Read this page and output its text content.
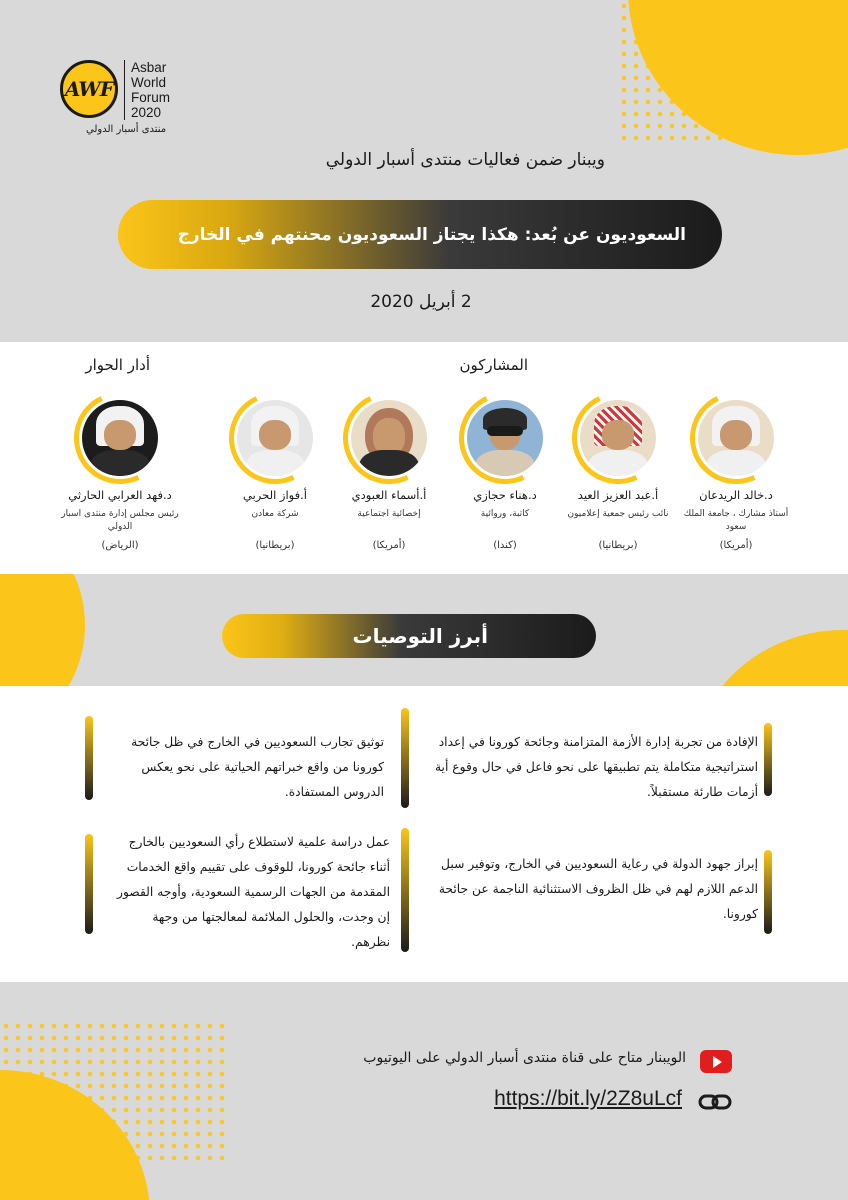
AWF
Asbar
World
Forum
2020
منتدى أسبار الدولي
ويبنار ضمن فعاليات منتدى أسبار الدولي
السعوديون عن بُعد: هكذا يجتاز السعوديون محنتهم في الخارج
2 أبريل 2020
المشاركون
أدار الحوار
د.خالد الريدعان
أستاذ مشارك ، جامعة الملك سعود
(أمريكا)
أ.عبد العزيز العيد
نائب رئيس جمعية إعلاميون
(بريطانيا)
د.هناء حجازي
كاتبة، وروائية
(كندا)
أ.أسماء العبودي
إخصائية اجتماعية
(أمريكا)
أ.فواز الحربي
شركة معادن
(بريطانيا)
د.فهد العرابي الحارثي
رئيس مجلس إدارة منتدى اسبار الدولي
(الرياض)
أبرز التوصيات
الإفادة من تجربة إدارة الأزمة المتزامنة وجائحة كورونا في إعداد استراتيجية متكاملة يتم تطبيقها على نحو فاعل في حال وقوع أية أزمات طارئة مستقبلاً.
توثيق تجارب السعوديين في الخارج في ظل جائحة كورونا من واقع خبراتهم الحياتية على نحو يعكس الدروس المستفادة.
إبراز جهود الدولة في رعاية السعوديين في الخارج، وتوفير سبل الدعم اللازم لهم في ظل الظروف الاستثنائية الناجمة عن جائحة كورونا.
عمل دراسة علمية لاستطلاع رأي السعوديين بالخارج أثناء جائحة كورونا، للوقوف على تقييم واقع الخدمات المقدمة من الجهات الرسمية السعودية، وأوجه القصور إن وجدت، والحلول الملائمة لمعالجتها من وجهة نظرهم.
الويبنار متاح على قناة منتدى أسبار الدولي على اليوتيوب
https://bit.ly/2Z8uLcf
